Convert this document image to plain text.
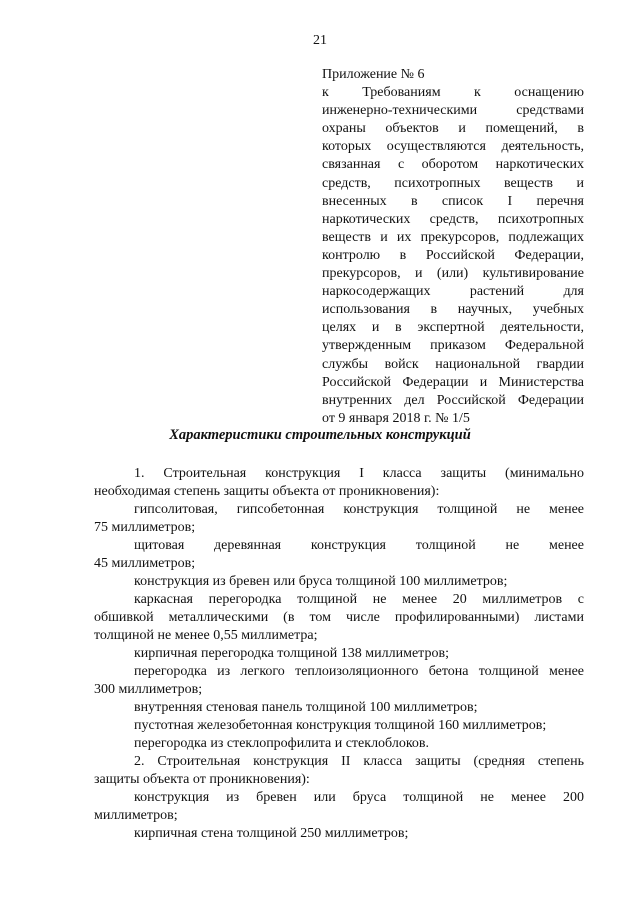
21
Приложение № 6
к Требованиям к оснащению
инженерно-техническими средствами
охраны объектов и помещений, в
которых осуществляются деятельность,
связанная с оборотом наркотических
средств, психотропных веществ и
внесенных в список I перечня
наркотических средств, психотропных
веществ и их прекурсоров, подлежащих
контролю в Российской Федерации,
прекурсоров, и (или) культивирование
наркосодержащих растений для
использования в научных, учебных
целях и в экспертной деятельности,
утвержденным приказом Федеральной
службы войск национальной гвардии
Российской Федерации и Министерства
внутренних дел Российской Федерации
от 9 января 2018 г. № 1/5
Характеристики строительных конструкций
1. Строительная конструкция I класса защиты (минимально
необходимая степень защиты объекта от проникновения):
гипсолитовая, гипсобетонная конструкция толщиной не менее
75 миллиметров;
щитовая деревянная конструкция толщиной не менее
45 миллиметров;
конструкция из бревен или бруса толщиной 100 миллиметров;
каркасная перегородка толщиной не менее 20 миллиметров с
обшивкой металлическими (в том числе профилированными) листами
толщиной не менее 0,55 миллиметра;
кирпичная перегородка толщиной 138 миллиметров;
перегородка из легкого теплоизоляционного бетона толщиной менее
300 миллиметров;
внутренняя стеновая панель толщиной 100 миллиметров;
пустотная железобетонная конструкция толщиной 160 миллиметров;
перегородка из стеклопрофилита и стеклоблоков.
2. Строительная конструкция II класса защиты (средняя степень
защиты объекта от проникновения):
конструкция из бревен или бруса толщиной не менее 200
миллиметров;
кирпичная стена толщиной 250 миллиметров;
